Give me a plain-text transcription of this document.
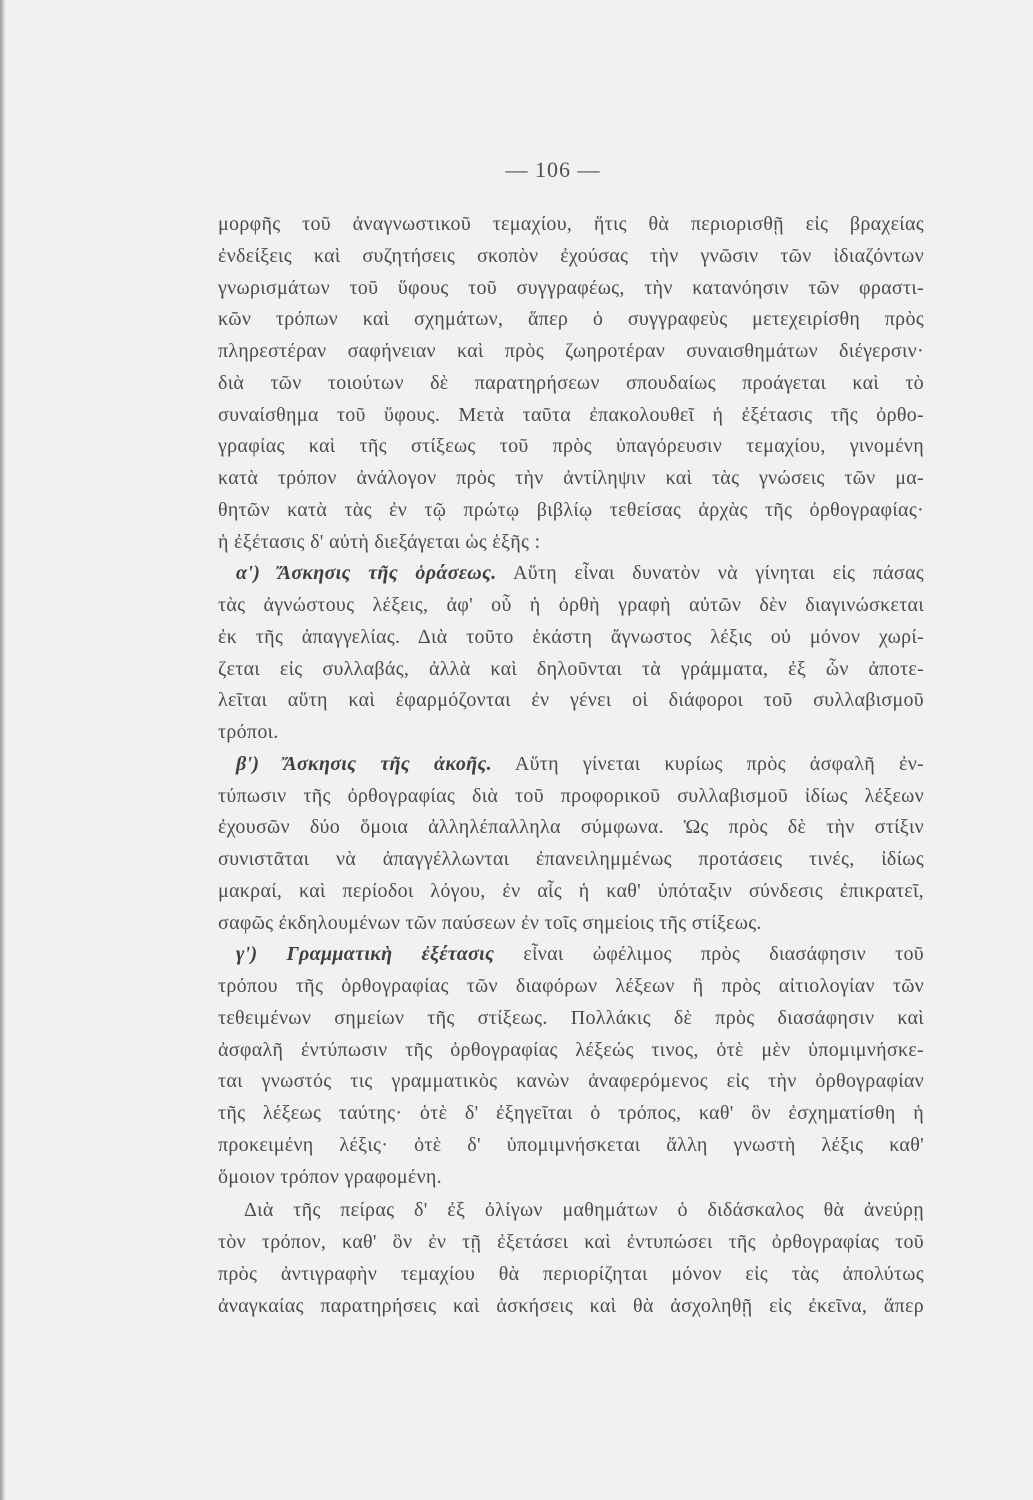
— 106 —
μορφῆς τοῦ ἀναγνωστικοῦ τεμαχίου, ἥτις θὰ περιορισθῇ εἰς βραχείας
ἐνδείξεις καὶ συζητήσεις σκοπὸν ἐχούσας τὴν γνῶσιν τῶν ἰδιαζόντων
γνωρισμάτων τοῦ ὕφους τοῦ συγγραφέως, τὴν κατανόησιν τῶν φραστι-
κῶν τρόπων καὶ σχημάτων, ἅπερ ὁ συγγραφεὺς μετεχειρίσθη πρὸς
πληρεστέραν σαφήνειαν καὶ πρὸς ζωηροτέραν συναισθημάτων διέγερσιν·
διὰ τῶν τοιούτων δὲ παρατηρήσεων σπουδαίως προάγεται καὶ τὸ
συναίσθημα τοῦ ὕφους. Μετὰ ταῦτα ἐπακολουθεῖ ἡ ἐξέτασις τῆς ὀρθο-
γραφίας καὶ τῆς στίξεως τοῦ πρὸς ὑπαγόρευσιν τεμαχίου, γινομένη
κατὰ τρόπον ἀνάλογον πρὸς τὴν ἀντίληψιν καὶ τὰς γνώσεις τῶν μα-
θητῶν κατὰ τὰς ἐν τῷ πρώτῳ βιβλίῳ τεθείσας ἀρχὰς τῆς ὀρθογραφίας·
ἡ ἐξέτασις δ' αὐτὴ διεξάγεται ὡς ἑξῆς :
α') Ἄσκησις τῆς ὁράσεως. Αὕτη εἶναι δυνατὸν νὰ γίνηται εἰς πάσας
τὰς ἀγνώστους λέξεις, ἀφ' οὗ ἡ ὀρθὴ γραφὴ αὐτῶν δὲν διαγινώσκεται
ἐκ τῆς ἀπαγγελίας. Διὰ τοῦτο ἑκάστη ἄγνωστος λέξις οὐ μόνον χωρί-
ζεται εἰς συλλαβάς, ἀλλὰ καὶ δηλοῦνται τὰ γράμματα, ἐξ ὧν ἀποτε-
λεῖται αὕτη καὶ ἐφαρμόζονται ἐν γένει οἱ διάφοροι τοῦ συλλαβισμοῦ
τρόποι.
β') Ἄσκησις τῆς ἀκοῆς. Αὕτη γίνεται κυρίως πρὸς ἀσφαλῆ ἐν-
τύπωσιν τῆς ὀρθογραφίας διὰ τοῦ προφορικοῦ συλλαβισμοῦ ἰδίως λέξεων
ἐχουσῶν δύο ὅμοια ἀλληλέπαλληλα σύμφωνα. Ὡς πρὸς δὲ τὴν στίξιν
συνιστᾶται νὰ ἀπαγγέλλωνται ἐπανειλημμένως προτάσεις τινές, ἰδίως
μακραί, καὶ περίοδοι λόγου, ἐν αἷς ἡ καθ' ὑπόταξιν σύνδεσις ἐπικρατεῖ,
σαφῶς ἐκδηλουμένων τῶν παύσεων ἐν τοῖς σημείοις τῆς στίξεως.
γ') Γραμματικὴ ἐξέτασις εἶναι ὠφέλιμος πρὸς διασάφησιν τοῦ
τρόπου τῆς ὀρθογραφίας τῶν διαφόρων λέξεων ἢ πρὸς αἰτιολογίαν τῶν
τεθειμένων σημείων τῆς στίξεως. Πολλάκις δὲ πρὸς διασάφησιν καὶ
ἀσφαλῆ ἐντύπωσιν τῆς ὀρθογραφίας λέξεώς τινος, ὁτὲ μὲν ὑπομιμνήσκε-
ται γνωστός τις γραμματικὸς κανὼν ἀναφερόμενος εἰς τὴν ὀρθογραφίαν
τῆς λέξεως ταύτης· ὁτὲ δ' ἐξηγεῖται ὁ τρόπος, καθ' ὃν ἐσχηματίσθη ἡ
προκειμένη λέξις· ὁτὲ δ' ὑπομιμνήσκεται ἄλλη γνωστὴ λέξις καθ'
ὅμοιον τρόπον γραφομένη.
Διὰ τῆς πείρας δ' ἐξ ὀλίγων μαθημάτων ὁ διδάσκαλος θὰ ἀνεύρῃ
τὸν τρόπον, καθ' ὃν ἐν τῇ ἐξετάσει καὶ ἐντυπώσει τῆς ὀρθογραφίας τοῦ
πρὸς ἀντιγραφὴν τεμαχίου θὰ περιορίζηται μόνον εἰς τὰς ἀπολύτως
ἀναγκαίας παρατηρήσεις καὶ ἀσκήσεις καὶ θὰ ἀσχοληθῇ εἰς ἐκεῖνα, ἅπερ
